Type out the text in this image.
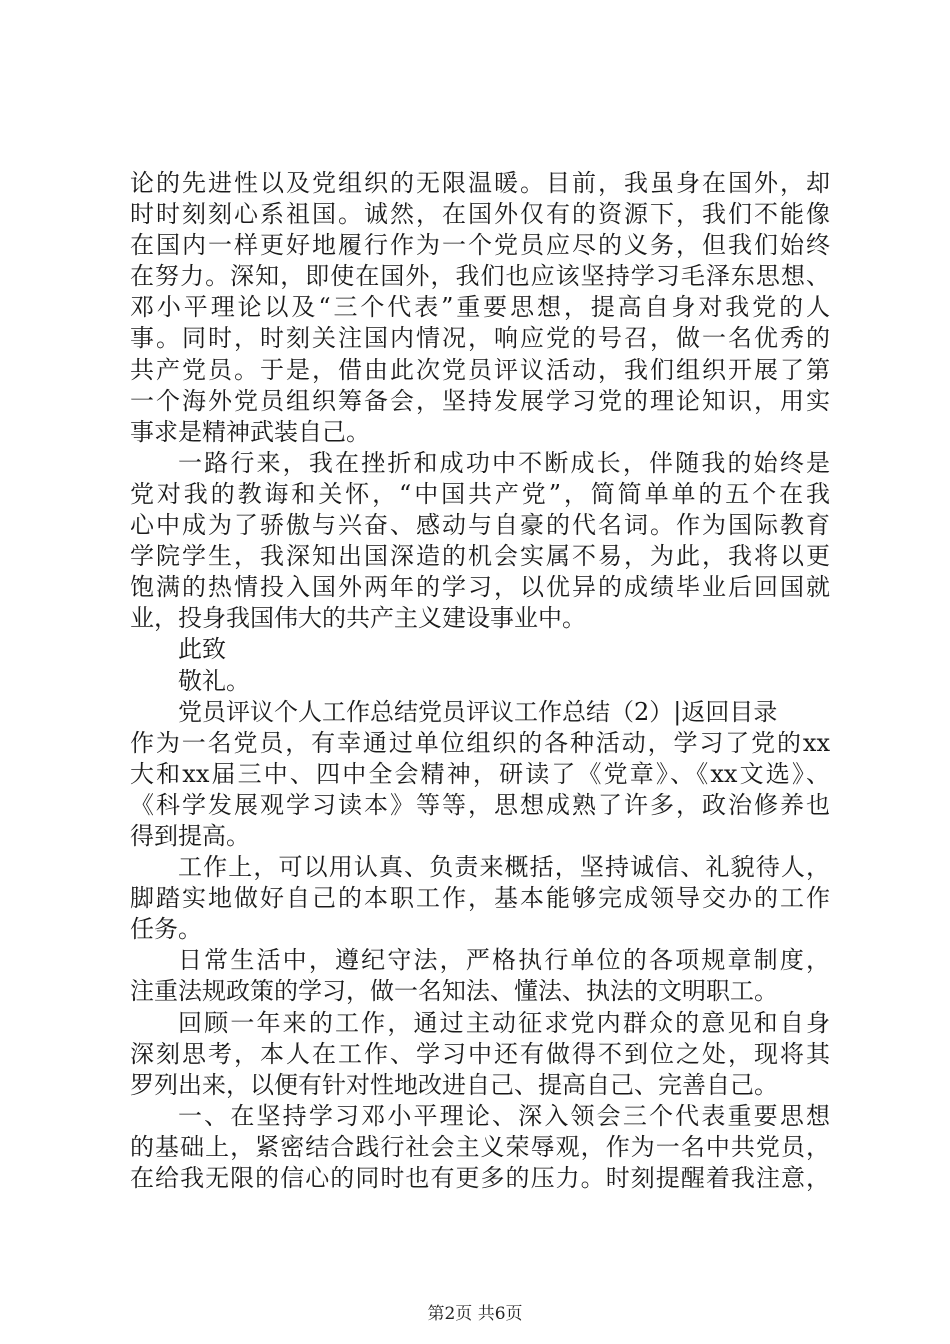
论的先进性以及党组织的无限温暖。目前，我虽身在国外，却
时时刻刻心系祖国。诚然，在国外仅有的资源下，我们不能像
在国内一样更好地履行作为一个党员应尽的义务，但我们始终
在努力。深知，即使在国外，我们也应该坚持学习毛泽东思想、
邓小平理论以及“三个代表”重要思想，提高自身对我党的人
事。同时，时刻关注国内情况，响应党的号召，做一名优秀的
共产党员。于是，借由此次党员评议活动，我们组织开展了第
一个海外党员组织筹备会，坚持发展学习党的理论知识，用实
事求是精神武装自己。
一路行来，我在挫折和成功中不断成长，伴随我的始终是
党对我的教诲和关怀，“中国共产党”，简简单单的五个在我
心中成为了骄傲与兴奋、感动与自豪的代名词。作为国际教育
学院学生，我深知出国深造的机会实属不易，为此，我将以更
饱满的热情投入国外两年的学习，以优异的成绩毕业后回国就
业，投身我国伟大的共产主义建设事业中。
此致
敬礼。
党员评议个人工作总结党员评议工作总结（2）|返回目录
作为一名党员，有幸通过单位组织的各种活动，学习了党的xx
大和xx届三中、四中全会精神，研读了《党章》、《xx文选》、
《科学发展观学习读本》等等，思想成熟了许多，政治修养也
得到提高。
工作上，可以用认真、负责来概括，坚持诚信、礼貌待人，
脚踏实地做好自己的本职工作，基本能够完成领导交办的工作
任务。
日常生活中，遵纪守法，严格执行单位的各项规章制度，
注重法规政策的学习，做一名知法、懂法、执法的文明职工。
回顾一年来的工作，通过主动征求党内群众的意见和自身
深刻思考，本人在工作、学习中还有做得不到位之处，现将其
罗列出来，以便有针对性地改进自己、提高自己、完善自己。
一、在坚持学习邓小平理论、深入领会三个代表重要思想
的基础上，紧密结合践行社会主义荣辱观，作为一名中共党员，
在给我无限的信心的同时也有更多的压力。时刻提醒着我注意，
第2页 共6页
